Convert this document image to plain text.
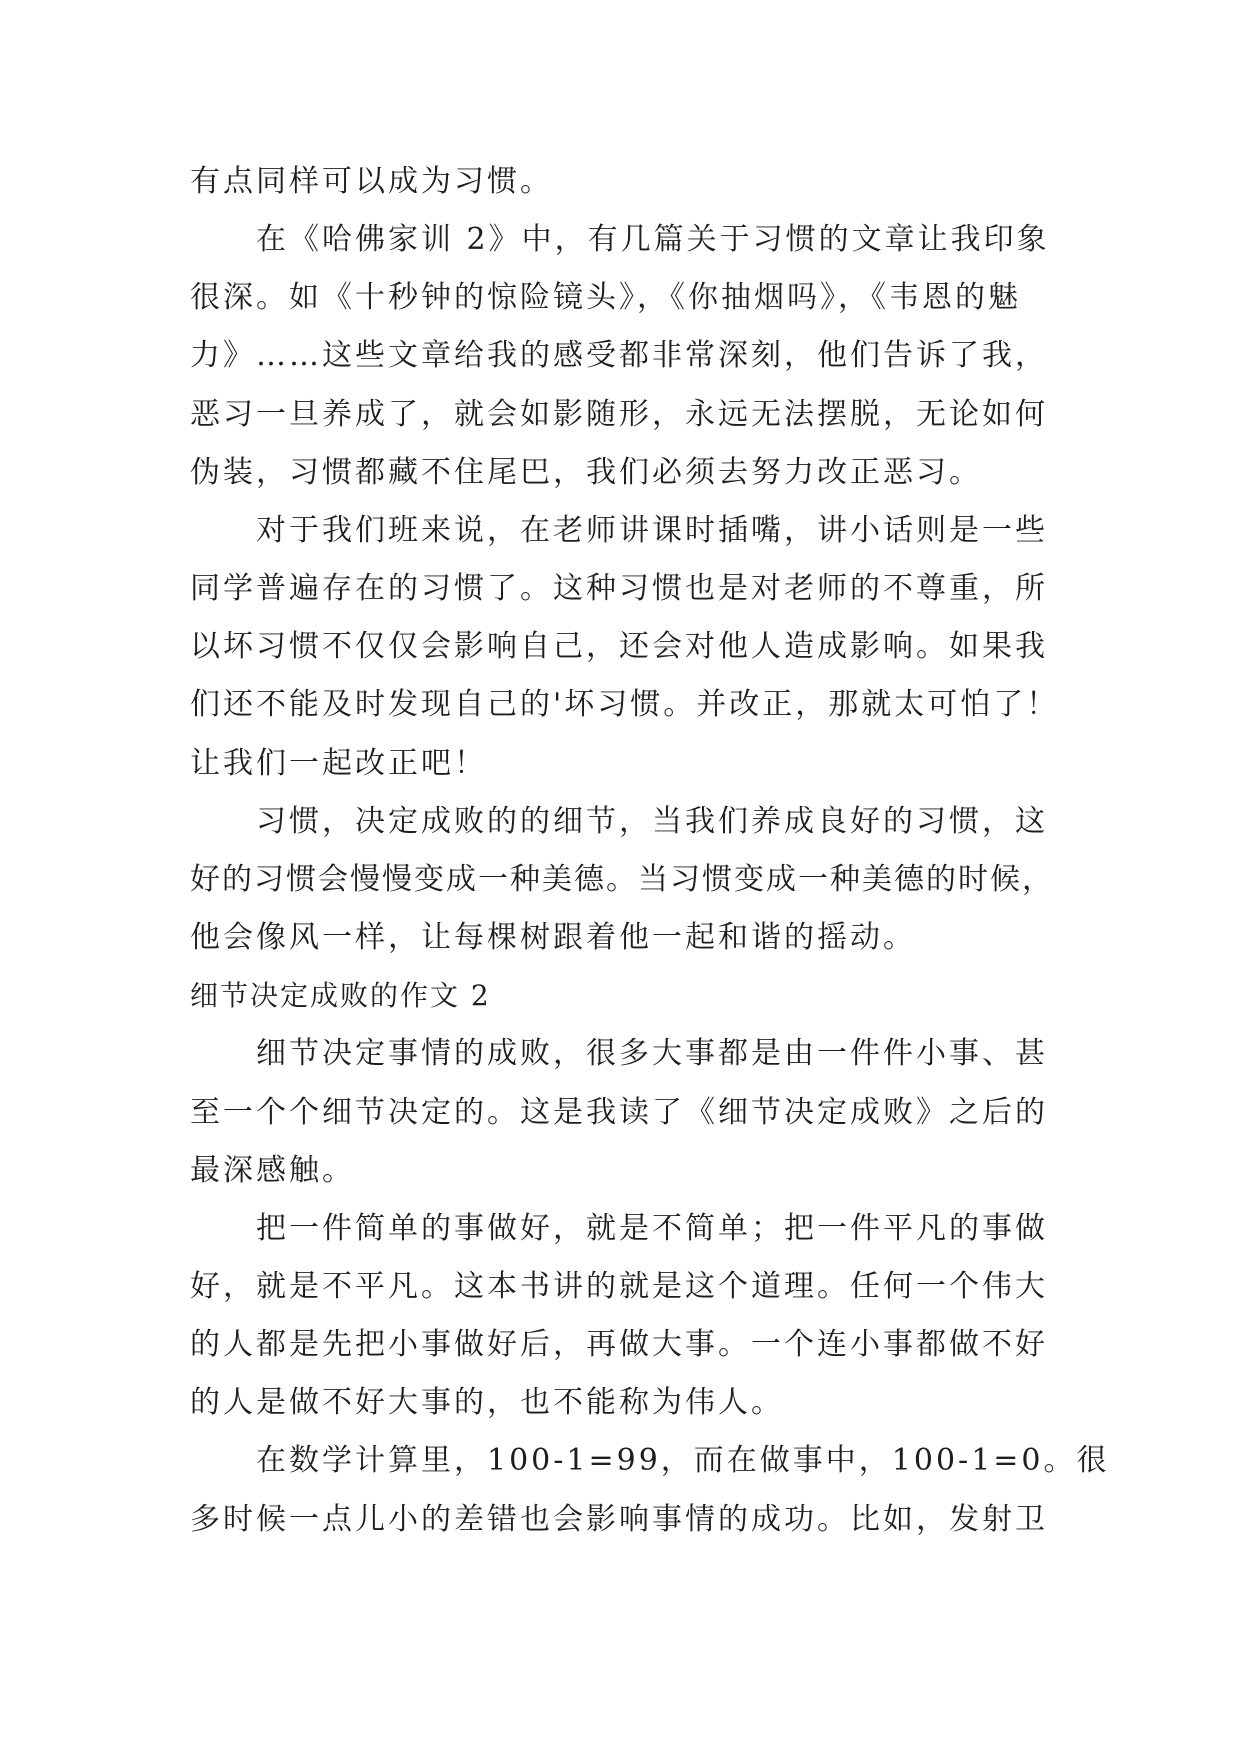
有点同样可以成为习惯。
在《哈佛家训 2》中，有几篇关于习惯的文章让我印象
很深。如《十秒钟的惊险镜头》，《你抽烟吗》，《韦恩的魅
力》……这些文章给我的感受都非常深刻，他们告诉了我，
恶习一旦养成了，就会如影随形，永远无法摆脱，无论如何
伪装，习惯都藏不住尾巴，我们必须去努力改正恶习。
对于我们班来说，在老师讲课时插嘴，讲小话则是一些
同学普遍存在的习惯了。这种习惯也是对老师的不尊重，所
以坏习惯不仅仅会影响自己，还会对他人造成影响。如果我
们还不能及时发现自己的'坏习惯。并改正，那就太可怕了！
让我们一起改正吧！
习惯，决定成败的的细节，当我们养成良好的习惯，这
好的习惯会慢慢变成一种美德。当习惯变成一种美德的时候，
他会像风一样，让每棵树跟着他一起和谐的摇动。
细节决定成败的作文 2
细节决定事情的成败，很多大事都是由一件件小事、甚
至一个个细节决定的。这是我读了《细节决定成败》之后的
最深感触。
把一件简单的事做好，就是不简单；把一件平凡的事做
好，就是不平凡。这本书讲的就是这个道理。任何一个伟大
的人都是先把小事做好后，再做大事。一个连小事都做不好
的人是做不好大事的，也不能称为伟人。
在数学计算里，100-1=99，而在做事中，100-1=0。很
多时候一点儿小的差错也会影响事情的成功。比如，发射卫
